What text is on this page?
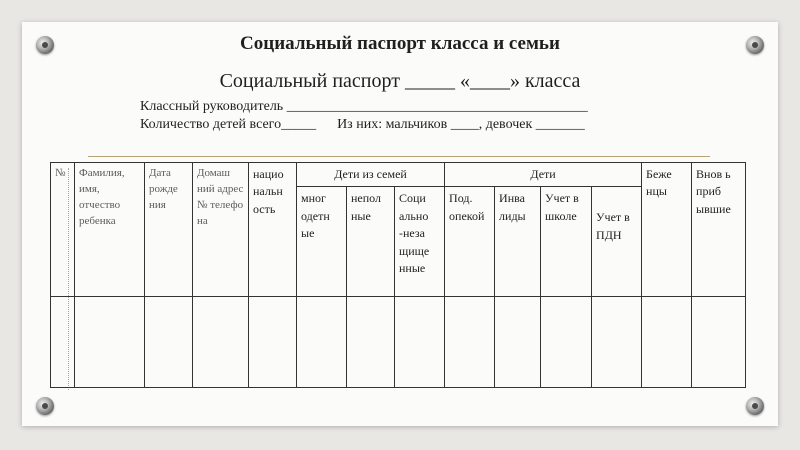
Социальный паспорт класса и семьи
Социальный паспорт _____ «____» класса
Классный руководитель ___________________________________________
Количество детей всего_____      Из них: мальчиков ____, девочек _______
№	Фамилия, имя, отчество ребенка	Дата рожде ния	Домаш ний адрес № телефо на	нацио нальн ость	Дети из семей			Дети				Беже нцы	Внов ь приб ывшие
					мног одетн ые	непол ные	Соци ально -неза щище нные	Под. опекой	Инва лиды	Учет в школе	Учет в ПДН		
